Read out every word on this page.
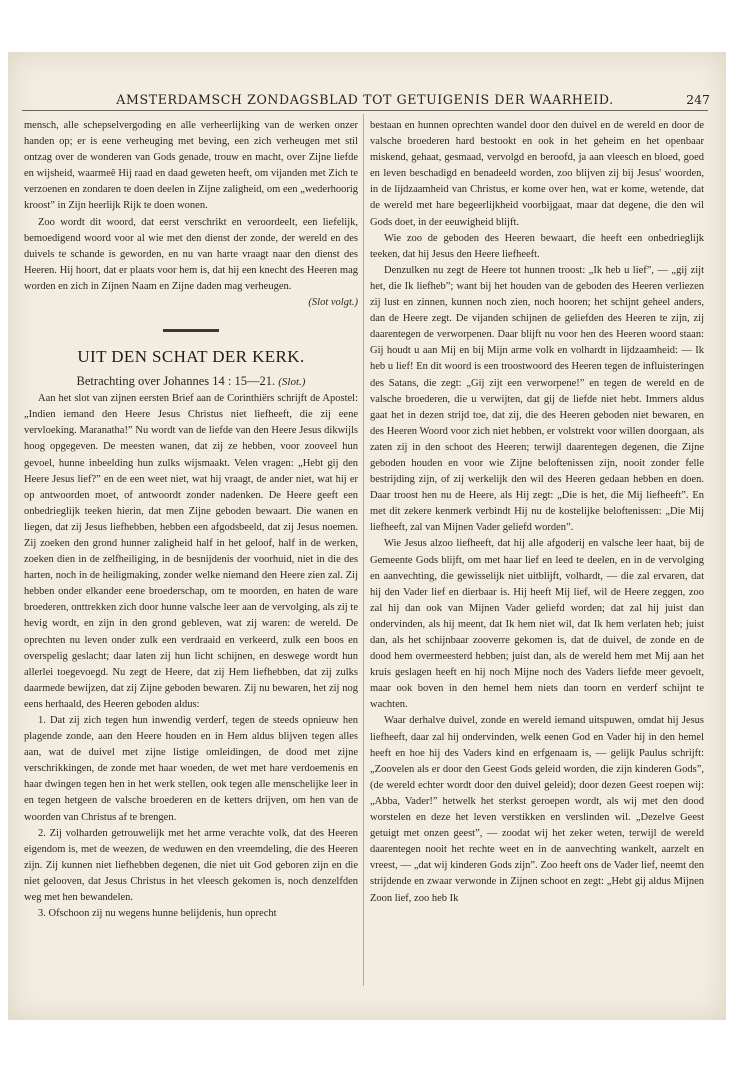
AMSTERDAMSCH ZONDAGSBLAD TOT GETUIGENIS DER WAARHEID.	247

mensch, alle schepselvergoding en alle verheerlijking van de werken onzer handen op; er is eene verheuging met beving, een zich verheugen met stil ontzag over de wonderen van Gods genade, trouw en macht, over Zijne liefde en wijsheid, waarmeê Hij raad en daad geweten heeft, om vijanden met Zich te verzoenen en zondaren te doen deelen in Zijne zaligheid, om een „wederhoorig kroost” in Zijn heerlijk Rijk te doen wonen.

Zoo wordt dit woord, dat eerst verschrikt en veroordeelt, een liefelijk, bemoedigend woord voor al wie met den dienst der zonde, der wereld en des duivels te schande is geworden, en nu van harte vraagt naar den dienst des Heeren. Hij hoort, dat er plaats voor hem is, dat hij een knecht des Heeren mag worden en zich in Zijnen Naam en Zijne daden mag verheugen.

(Slot volgt.)

UIT DEN SCHAT DER KERK.
Betrachting over Johannes 14 : 15—21. (Slot.)

Aan het slot van zijnen eersten Brief aan de Corinthiërs schrijft de Apostel: „Indien iemand den Heere Jesus Christus niet liefheeft, die zij eene vervloeking. Maranatha!” Nu wordt van de liefde van den Heere Jesus dikwijls hoog opgegeven. De meesten wanen, dat zij ze hebben, voor zooveel hun gevoel, hunne inbeelding hun zulks wijsmaakt. Velen vragen: „Hebt gij den Heere Jesus lief?” en de een weet niet, wat hij vraagt, de ander niet, wat hij er op antwoorden moet, of antwoordt zonder nadenken. De Heere geeft een onbedrieglijk teeken hierin, dat men Zijne geboden bewaart. Die wanen en liegen, dat zij Jesus liefhebben, hebben een afgodsbeeld, dat zij Jesus noemen. Zij zoeken den grond hunner zaligheid half in het geloof, half in de werken, zoeken dien in de zelfheiliging, in de besnijdenis der voorhuid, niet in die des harten, noch in de heiligmaking, zonder welke niemand den Heere zien zal. Zij hebben onder elkander eene broederschap, om te moorden, en haten de ware broederen, onttrekken zich door hunne valsche leer aan de vervolging, als zij te hevig wordt, en zijn in den grond gebleven, wat zij waren: de wereld. De oprechten nu leven onder zulk een verdraaid en verkeerd, zulk een boos en overspelig geslacht; daar laten zij hun licht schijnen, en deswege wordt hun allerlei toegevoegd. Nu zegt de Heere, dat zij Hem liefhebben, dat zij zulks daarmede bewijzen, dat zij Zijne geboden bewaren. Zij nu bewaren, het zij nog eens herhaald, des Heeren geboden aldus:

1. Dat zij zich tegen hun inwendig verderf, tegen de steeds opnieuw hen plagende zonde, aan den Heere houden en in Hem aldus blijven tegen alles aan, wat de duivel met zijne listige omleidingen, de dood met zijne verschrikkingen, de zonde met haar woeden, de wet met hare verdoemenis en haar dwingen tegen hen in het werk stellen, ook tegen alle menschelijke leer in en tegen hetgeen de valsche broederen en de ketters drijven, om hen van de woorden van Christus af te brengen.

2. Zij volharden getrouwelijk met het arme verachte volk, dat des Heeren eigendom is, met de weezen, de weduwen en den vreemdeling, die des Heeren zijn. Zij kunnen niet liefhebben degenen, die niet uit God geboren zijn en die niet gelooven, dat Jesus Christus in het vleesch gekomen is, noch denzelfden weg met hen bewandelen.

3. Ofschoon zij nu wegens hunne belijdenis, hun oprecht

bestaan en hunnen oprechten wandel door den duivel en de wereld en door de valsche broederen hard bestookt en ook in het geheim en het openbaar miskend, gehaat, gesmaad, vervolgd en beroofd, ja aan vleesch en bloed, goed en leven beschadigd en benadeeld worden, zoo blijven zij bij Jesus' woorden, in de lijdzaamheid van Christus, er kome over hen, wat er kome, wetende, dat de wereld met hare begeerlijkheid voorbijgaat, maar dat degene, die den wil Gods doet, in der eeuwigheid blijft.

Wie zoo de geboden des Heeren bewaart, die heeft een onbedrieglijk teeken, dat hij Jesus den Heere liefheeft.

Denzulken nu zegt de Heere tot hunnen troost: „Ik heb u lief”, — „gij zijt het, die Ik liefheb”; want bij het houden van de geboden des Heeren verliezen zij lust en zinnen, kunnen noch zien, noch hooren; het schijnt geheel anders, dan de Heere zegt. De vijanden schijnen de geliefden des Heeren te zijn, zij daarentegen de verworpenen. Daar blijft nu voor hen des Heeren woord staan: Gij houdt u aan Mij en bij Mijn arme volk en volhardt in lijdzaamheid: — Ik heb u lief! En dit woord is een troostwoord des Heeren tegen de influisteringen des Satans, die zegt: „Gij zijt een verworpene!” en tegen de wereld en de valsche broederen, die u verwijten, dat gij de liefde niet hebt. Immers aldus gaat het in dezen strijd toe, dat zij, die des Heeren geboden niet bewaren, en des Heeren Woord voor zich niet hebben, er volstrekt voor willen doorgaan, als zaten zij in den schoot des Heeren; terwijl daarentegen degenen, die Zijne geboden houden en voor wie Zijne beloftenissen zijn, nooit zonder felle bestrijding zijn, of zij werkelijk den wil des Heeren gedaan hebben en doen. Daar troost hen nu de Heere, als Hij zegt: „Die is het, die Mij liefheeft”. En met dit zekere kenmerk verbindt Hij nu de kostelijke beloftenissen: „Die Mij liefheeft, zal van Mijnen Vader geliefd worden”.

Wie Jesus alzoo liefheeft, dat hij alle afgoderij en valsche leer haat, bij de Gemeente Gods blijft, om met haar lief en leed te deelen, en in de vervolging en aanvechting, die gewisselijk niet uitblijft, volhardt, — die zal ervaren, dat hij den Vader lief en dierbaar is. Hij heeft Mij lief, wil de Heere zeggen, zoo zal hij dan ook van Mijnen Vader geliefd worden; dat zal hij juist dan ondervinden, als hij meent, dat Ik hem niet wil, dat Ik hem verlaten heb; juist dan, als het schijnbaar zooverre gekomen is, dat de duivel, de zonde en de dood hem overmeesterd hebben; juist dan, als de wereld hem met Mij aan het kruis geslagen heeft en hij noch Mijne noch des Vaders liefde meer gevoelt, maar ook boven in den hemel hem niets dan toorn en verderf schijnt te wachten.

Waar derhalve duivel, zonde en wereld iemand uitspuwen, omdat hij Jesus liefheeft, daar zal hij ondervinden, welk eenen God en Vader hij in den hemel heeft en hoe hij des Vaders kind en erfgenaam is, — gelijk Paulus schrijft: „Zoovelen als er door den Geest Gods geleid worden, die zijn kinderen Gods”, (de wereld echter wordt door den duivel geleid); door dezen Geest roepen wij: „Abba, Vader!” hetwelk het sterkst geroepen wordt, als wij met den dood worstelen en deze het leven verstikken en verslinden wil. „Dezelve Geest getuigt met onzen geest”, — zoodat wij het zeker weten, terwijl de wereld daarentegen nooit het rechte weet en in de aanvechting wankelt, aarzelt en vreest, — „dat wij kinderen Gods zijn”. Zoo heeft ons de Vader lief, neemt den strijdende en zwaar verwonde in Zijnen schoot en zegt: „Hebt gij aldus Mijnen Zoon lief, zoo heb Ik
